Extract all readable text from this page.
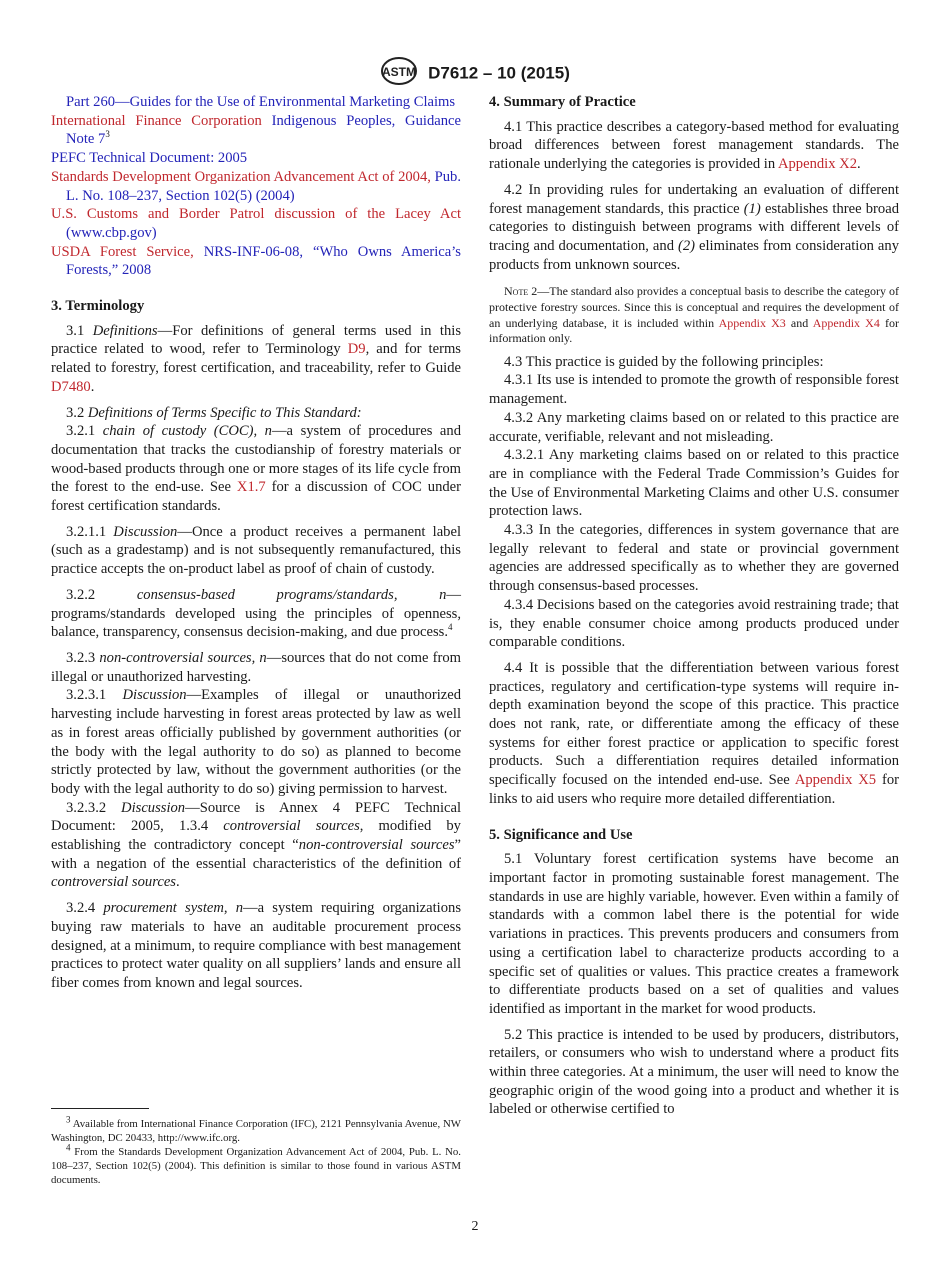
ASTM D7612 – 10 (2015)

Part 260—Guides for the Use of Environmental Marketing Claims

International Finance Corporation Indigenous Peoples, Guidance Note $7^3$

PEFC Technical Document: 2005

Standards Development Organization Advancement Act of 2004, Pub. L. No. 108–237, Section 102(5) (2004)

U.S. Customs and Border Patrol discussion of the Lacey Act (www.cbp.gov)

USDA Forest Service, NRS-INF-06-08, “Who Owns America’s Forests,” 2008

3. Terminology

3.1 Definitions—For definitions of general terms used in this practice related to wood, refer to Terminology D9, and for terms related to forestry, forest certification, and traceability, refer to Guide D7480.

3.2 Definitions of Terms Specific to This Standard:

3.2.1 chain of custody (COC), n—a system of procedures and documentation that tracks the custodianship of forestry materials or wood-based products through one or more stages of its life cycle from the forest to the end-use. See X1.7 for a discussion of COC under forest certification standards.

3.2.1.1 Discussion—Once a product receives a permanent label (such as a gradestamp) and is not subsequently remanufactured, this practice accepts the on-product label as proof of chain of custody.

3.2.2 consensus-based programs/standards, n—programs/standards developed using the principles of openness, balance, transparency, consensus decision-making, and due process.$^4$

3.2.3 non-controversial sources, n—sources that do not come from illegal or unauthorized harvesting.

3.2.3.1 Discussion—Examples of illegal or unauthorized harvesting include harvesting in forest areas protected by law as well as in forest areas officially published by government authorities (or the body with the legal authority to do so) as planned to become strictly protected by law, without the government authorities (or the body with the legal authority to do so) giving permission to harvest.

3.2.3.2 Discussion—Source is Annex 4 PEFC Technical Document: 2005, 1.3.4 controversial sources, modified by establishing the contradictory concept “non-controversial sources” with a negation of the essential characteristics of the definition of controversial sources.

3.2.4 procurement system, n—a system requiring organizations buying raw materials to have an auditable procurement process designed, at a minimum, to require compliance with best management practices to protect water quality on all suppliers’ lands and ensure all fiber comes from known and legal sources.

4. Summary of Practice

4.1 This practice describes a category-based method for evaluating broad differences between forest management standards. The rationale underlying the categories is provided in Appendix X2.

4.2 In providing rules for undertaking an evaluation of different forest management standards, this practice (1) establishes three broad categories to distinguish between programs with different levels of tracing and documentation, and (2) eliminates from consideration any products from unknown sources.

Note 2—The standard also provides a conceptual basis to describe the category of protective forestry sources. Since this is conceptual and requires the development of an underlying database, it is included within Appendix X3 and Appendix X4 for information only.

4.3 This practice is guided by the following principles:

4.3.1 Its use is intended to promote the growth of responsible forest management.

4.3.2 Any marketing claims based on or related to this practice are accurate, verifiable, relevant and not misleading.

4.3.2.1 Any marketing claims based on or related to this practice are in compliance with the Federal Trade Commission’s Guides for the Use of Environmental Marketing Claims and other U.S. consumer protection laws.

4.3.3 In the categories, differences in system governance that are legally relevant to federal and state or provincial government agencies are addressed specifically as to whether they are governed through consensus-based processes.

4.3.4 Decisions based on the categories avoid restraining trade; that is, they enable consumer choice among products produced under comparable conditions.

4.4 It is possible that the differentiation between various forest practices, regulatory and certification-type systems will require in-depth examination beyond the scope of this practice. This practice does not rank, rate, or differentiate among the efficacy of these systems for either forest practice or application to specific forest products. Such a differentiation requires detailed information specifically focused on the intended end-use. See Appendix X5 for links to aid users who require more detailed differentiation.

5. Significance and Use

5.1 Voluntary forest certification systems have become an important factor in promoting sustainable forest management. The standards in use are highly variable, however. Even within a family of standards with a common label there is the potential for wide variations in practices. This prevents producers and consumers from using a certification label to characterize products according to a specific set of qualities or values. This practice creates a framework to differentiate products based on a set of qualities and values identified as important in the market for wood products.

5.2 This practice is intended to be used by producers, distributors, retailers, or consumers who wish to understand where a product fits within three categories. At a minimum, the user will need to know the geographic origin of the wood going into a product and whether it is labeled or otherwise certified to

$^3$ Available from International Finance Corporation (IFC), 2121 Pennsylvania Avenue, NW Washington, DC 20433, http://www.ifc.org.

$^4$ From the Standards Development Organization Advancement Act of 2004, Pub. L. No. 108–237, Section 102(5) (2004). This definition is similar to those found in various ASTM documents.

2
